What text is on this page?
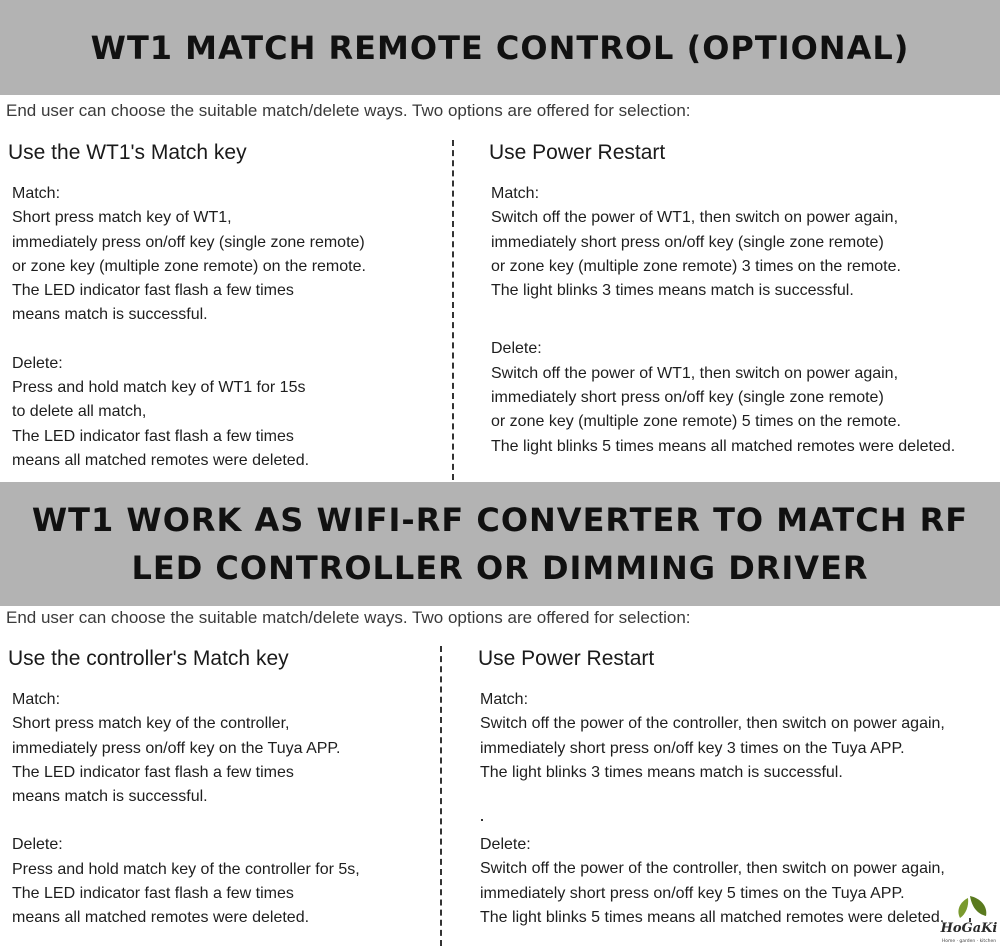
WT1 MATCH REMOTE CONTROL (OPTIONAL)
End user can choose the suitable match/delete ways. Two options are offered for selection:
Use the WT1's Match key
Match:
Short press match key of WT1,
immediately press on/off key (single zone remote)
or zone key (multiple zone remote) on the remote.
The LED indicator fast flash a few times
means match is successful.
Delete:
Press and hold match key of WT1 for 15s
to delete all match,
The LED indicator fast flash a few times
means all matched remotes were deleted.
Use Power Restart
Match:
Switch off the power of WT1, then switch on power again,
immediately short press on/off key (single zone remote)
or zone key (multiple zone remote) 3 times on the remote.
The light blinks 3 times means match is successful.
Delete:
Switch off the power of WT1, then switch on power again,
immediately short press on/off key (single zone remote)
or zone key (multiple zone remote) 5 times on the remote.
The light blinks 5 times means all matched remotes were deleted.
WT1 WORK AS WIFI-RF CONVERTER TO MATCH RF
LED CONTROLLER OR DIMMING DRIVER
End user can choose the suitable match/delete ways. Two options are offered for selection:
Use the controller's Match key
Match:
Short press match key of the controller,
immediately press on/off key on the Tuya APP.
The LED indicator fast flash a few times
means match is successful.
Delete:
Press and hold match key of the controller for 5s,
The LED indicator fast flash a few times
means all matched remotes were deleted.
Use Power Restart
Match:
Switch off the power of the controller, then switch on power again,
immediately short press on/off key 3 times on the Tuya APP.
The light blinks 3 times means match is successful.
Delete:
Switch off the power of the controller, then switch on power again,
immediately short press on/off key 5 times on the Tuya APP.
The light blinks 5 times means all matched remotes were deleted.
HoGaKi
Home · garden · kitchen
